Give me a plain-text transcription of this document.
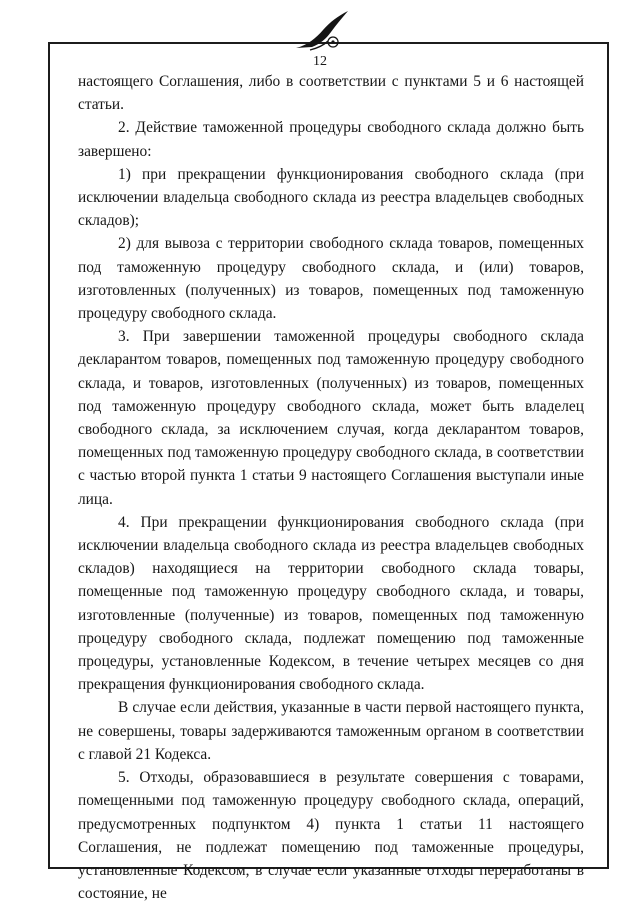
12

настоящего Соглашения, либо в соответствии с пунктами 5 и 6 настоящей статьи.

2. Действие таможенной процедуры свободного склада должно быть завершено:

1) при прекращении функционирования свободного склада (при исключении владельца свободного склада из реестра владельцев свободных складов);

2) для вывоза с территории свободного склада товаров, помещенных под таможенную процедуру свободного склада, и (или) товаров, изготовленных (полученных) из товаров, помещенных под таможенную процедуру свободного склада.

3. При завершении таможенной процедуры свободного склада декларантом товаров, помещенных под таможенную процедуру свободного склада, и товаров, изготовленных (полученных) из товаров, помещенных под таможенную процедуру свободного склада, может быть владелец свободного склада, за исключением случая, когда декларантом товаров, помещенных под таможенную процедуру свободного склада, в соответствии с частью второй пункта 1 статьи 9 настоящего Соглашения выступали иные лица.

4. При прекращении функционирования свободного склада (при исключении владельца свободного склада из реестра владельцев свободных складов) находящиеся на территории свободного склада товары, помещенные под таможенную процедуру свободного склада, и товары, изготовленные (полученные) из товаров, помещенных под таможенную процедуру свободного склада, подлежат помещению под таможенные процедуры, установленные Кодексом, в течение четырех месяцев со дня прекращения функционирования свободного склада.

В случае если действия, указанные в части первой настоящего пункта, не совершены, товары задерживаются таможенным органом в соответствии с главой 21 Кодекса.

5. Отходы, образовавшиеся в результате совершения с товарами, помещенными под таможенную процедуру свободного склада, операций, предусмотренных подпунктом 4) пункта 1 статьи 11 настоящего Соглашения, не подлежат помещению под таможенные процедуры, установленные Кодексом, в случае если указанные отходы переработаны в состояние, не
